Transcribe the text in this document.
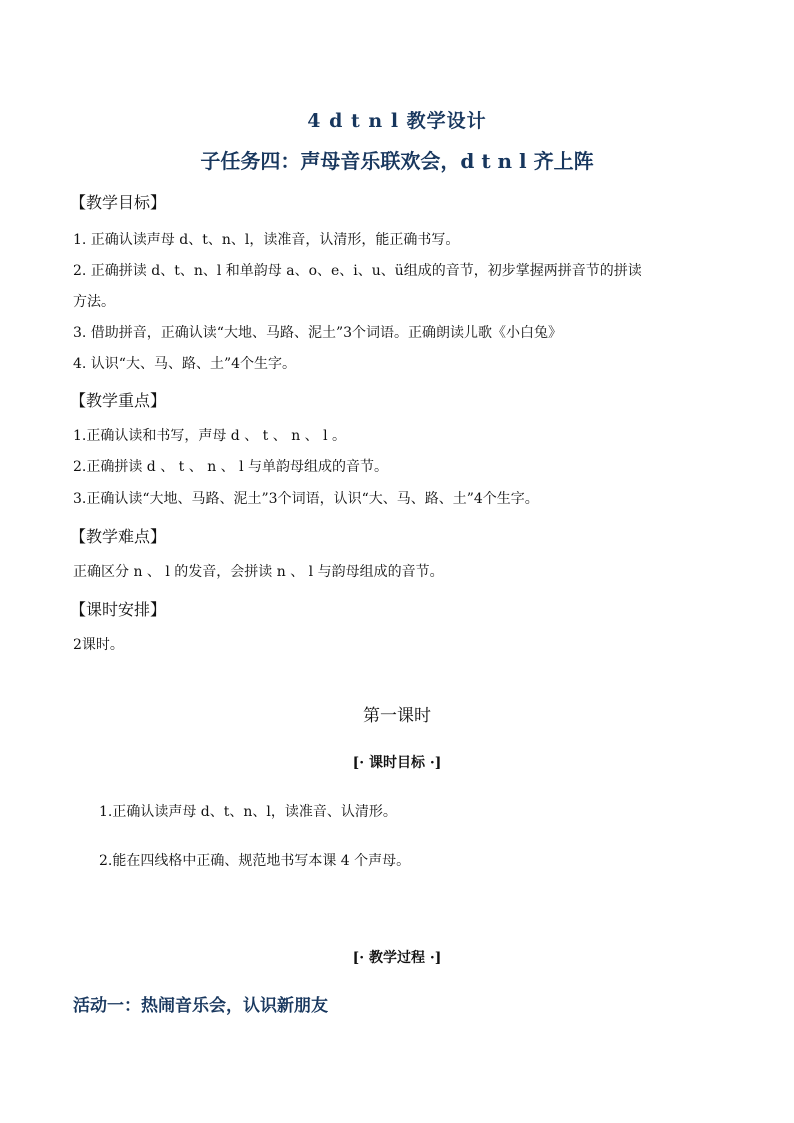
4 d t n l 教学设计
子任务四：声母音乐联欢会，d t n l 齐上阵
【教学目标】
1. 正确认读声母 d、t、n、l，读准音，认清形，能正确书写。
2. 正确拼读 d、t、n、l 和单韵母 a、o、e、i、u、ü组成的音节，初步掌握两拼音节的拼读
方法。
3. 借助拼音，正确认读“大地、马路、泥土”3个词语。正确朗读儿歌《小白兔》
4. 认识“大、马、路、土”4个生字。
【教学重点】
1.正确认读和书写，声母 d 、 t 、 n 、 l 。
2.正确拼读 d 、 t 、 n 、 l 与单韵母组成的音节。
3.正确认读“大地、马路、泥土”3个词语，认识“大、马、路、土”4个生字。
【教学难点】
正确区分 n 、 l 的发音，会拼读 n 、 l 与韵母组成的音节。
【课时安排】
2课时。
第一课时
[· 课时目标 ·]
1.正确认读声母 d、t、n、l，读准音、认清形。
2.能在四线格中正确、规范地书写本课 4 个声母。
[· 教学过程 ·]
活动一：热闹音乐会，认识新朋友
